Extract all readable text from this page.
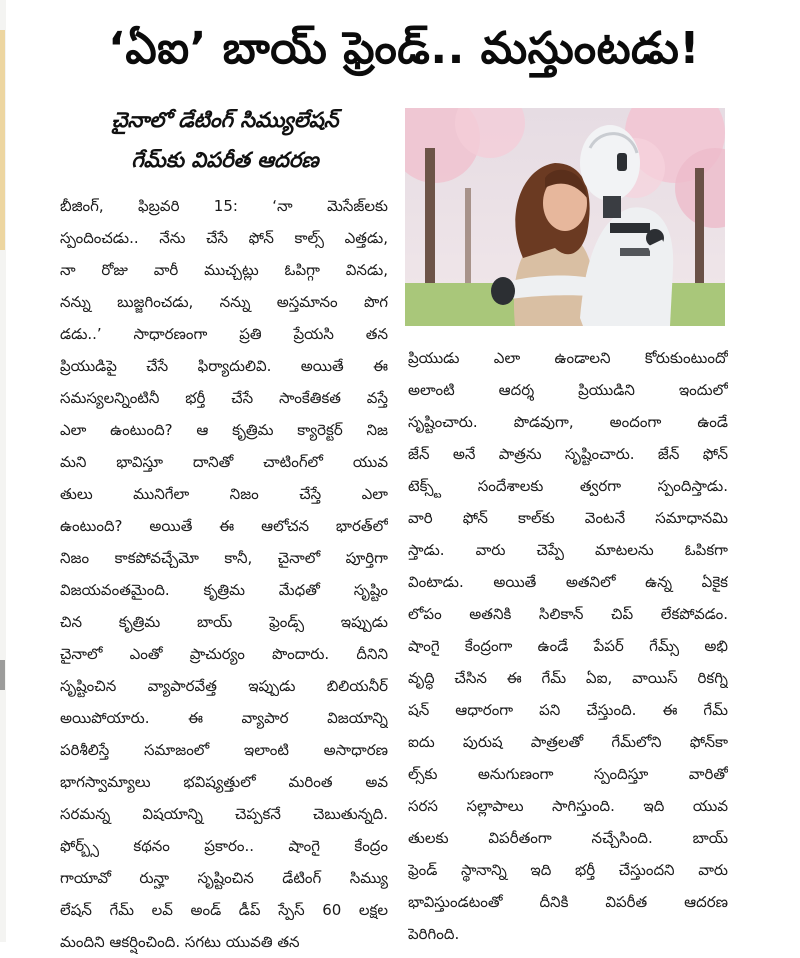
‘ఏఐ’ బాయ్‌ ఫ్రెండ్‌.. మస్తుంటడు!
చైనాలో డేటింగ్‌ సిమ్యులేషన్‌
గేమ్‌కు విపరీత ఆదరణ
బీజింగ్‌, ఫిబ్రవరి 15: ‘నా మెసేజ్‌లకు
స్పందించడు.. నేను చేసే ఫోన్‌ కాల్స్‌ ఎత్తడు,
నా రోజు వారీ ముచ్చట్లు ఓపిగ్గా వినడు,
నన్ను బుజ్జగించడు, నన్ను అస్తమానం పొగ
డడు..’ సాధారణంగా ప్రతి ప్రేయసి తన
ప్రియుడిపై చేసే ఫిర్యాదులివి. అయితే ఈ
సమస్యలన్నింటినీ భర్తీ చేసే సాంకేతికత వస్తే
ఎలా ఉంటుంది? ఆ కృత్రిమ క్యారెక్టర్‌ నిజ
మని భావిస్తూ దానితో చాటింగ్‌లో యువ
తులు మునిగేలా నిజం చేస్తే ఎలా
ఉంటుంది? అయితే ఈ ఆలోచన భారత్‌లో
నిజం కాకపోవచ్చేమో కానీ, చైనాలో పూర్తిగా
విజయవంతమైంది. కృత్రిమ మేధతో సృష్టిం
చిన కృత్రిమ బాయ్‌ ఫ్రెండ్స్‌ ఇప్పుడు
చైనాలో ఎంతో ప్రాచుర్యం పొందారు. దీనిని
సృష్టించిన వ్యాపారవేత్త ఇప్పుడు బిలియనీర్‌
అయిపోయారు. ఈ వ్యాపార విజయాన్ని
పరిశీలిస్తే సమాజంలో ఇలాంటి అసాధారణ
భాగస్వామ్యాలు భవిష్యత్తులో మరింత అవ
సరమన్న విషయాన్ని చెప్పకనే చెబుతున్నది.
ఫోర్బ్స్‌ కథనం ప్రకారం.. షాంగై కేంద్రం
గాయావో రున్హా సృష్టించిన డేటింగ్‌ సిమ్యు
లేషన్‌ గేమ్‌ లవ్‌ అండ్‌ డీప్‌ స్పేస్‌ 60 లక్షల
మందిని ఆకర్షించింది. సగటు యువతి తన
ప్రియుడు ఎలా ఉండాలని కోరుకుంటుందో
అలాంటి ఆదర్శ ప్రియుడిని ఇందులో
సృష్టించారు. పొడవుగా, అందంగా ఉండే
జేన్‌ అనే పాత్రను సృష్టించారు. జేన్‌ ఫోన్‌
టెక్స్ట్‌ సందేశాలకు త్వరగా స్పందిస్తాడు.
వారి ఫోన్‌ కాల్‌కు వెంటనే సమాధానమి
స్తాడు. వారు చెప్పే మాటలను ఓపికగా
వింటాడు. అయితే అతనిలో ఉన్న ఏకైక
లోపం అతనికి సిలికాన్‌ చిప్‌ లేకపోవడం.
షాంగై కేంద్రంగా ఉండే పేపర్‌ గేమ్స్‌ అభి
వృద్ధి చేసిన ఈ గేమ్‌ ఏఐ, వాయిస్‌ రికగ్ని
షన్‌ ఆధారంగా పని చేస్తుంది. ఈ గేమ్‌
ఐదు పురుష పాత్రలతో గేమ్‌లోని ఫోన్‌కా
ల్స్‌కు అనుగుణంగా స్పందిస్తూ వారితో
సరస సల్లాపాలు సాగిస్తుంది. ఇది యువ
తులకు విపరీతంగా నచ్చేసింది. బాయ్‌
ఫ్రెండ్‌ స్థానాన్ని ఇది భర్తీ చేస్తుందని వారు
భావిస్తుండటంతో దీనికి విపరీత ఆదరణ
పెరిగింది.
